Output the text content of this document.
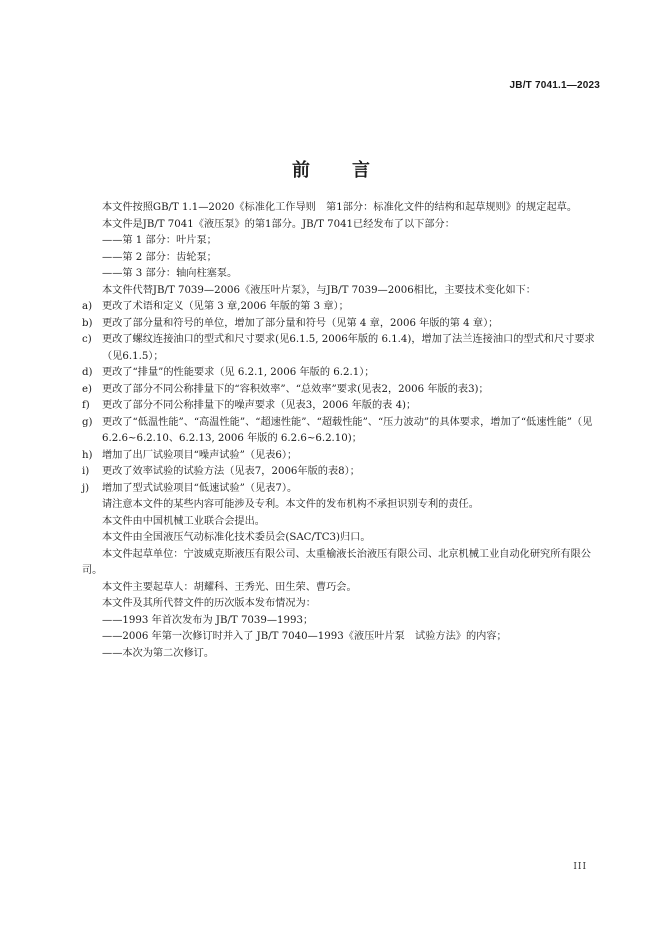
JB/T 7041.1—2023
前言
本文件按照GB/T 1.1—2020《标准化工作导则　第1部分：标准化文件的结构和起草规则》的规定起草。
本文件是JB/T 7041《液压泵》的第1部分。JB/T 7041已经发布了以下部分：
——第 1 部分：叶片泵；
——第 2 部分：齿轮泵；
——第 3 部分：轴向柱塞泵。
本文件代替JB/T 7039—2006《液压叶片泵》，与JB/T 7039—2006相比，主要技术变化如下：
a) 更改了术语和定义（见第 3 章,2006 年版的第 3 章）；
b) 更改了部分量和符号的单位，增加了部分量和符号（见第 4 章，2006 年版的第 4 章）；
c) 更改了螺纹连接油口的型式和尺寸要求(见6.1.5, 2006年版的 6.1.4)，增加了法兰连接油口的型式和尺寸要求（见6.1.5）；
d) 更改了“排量”的性能要求（见 6.2.1, 2006 年版的 6.2.1）；
e) 更改了部分不同公称排量下的“容积效率”、“总效率”要求(见表2，2006 年版的表3)；
f) 更改了部分不同公称排量下的噪声要求（见表3，2006 年版的表 4)；
g) 更改了“低温性能”、“高温性能”、“超速性能”、“超载性能”、“压力波动”的具体要求，增加了“低速性能”（见6.2.6~6.2.10、6.2.13, 2006 年版的 6.2.6~6.2.10)；
h) 增加了出厂试验项目“噪声试验”（见表6）；
i) 更改了效率试验的试验方法（见表7，2006年版的表8）；
j) 增加了型式试验项目“低速试验”（见表7）。
请注意本文件的某些内容可能涉及专利。本文件的发布机构不承担识别专利的责任。
本文件由中国机械工业联合会提出。
本文件由全国液压气动标准化技术委员会(SAC/TC3)归口。
本文件起草单位：宁波威克斯液压有限公司、太重榆液长治液压有限公司、北京机械工业自动化研究所有限公司。
本文件主要起草人：胡耀科、王秀光、田生荣、曹巧会。
本文件及其所代替文件的历次版本发布情况为：
——1993 年首次发布为 JB/T 7039—1993；
——2006 年第一次修订时并入了 JB/T 7040—1993《液压叶片泵　试验方法》的内容；
——本次为第二次修订。
III
